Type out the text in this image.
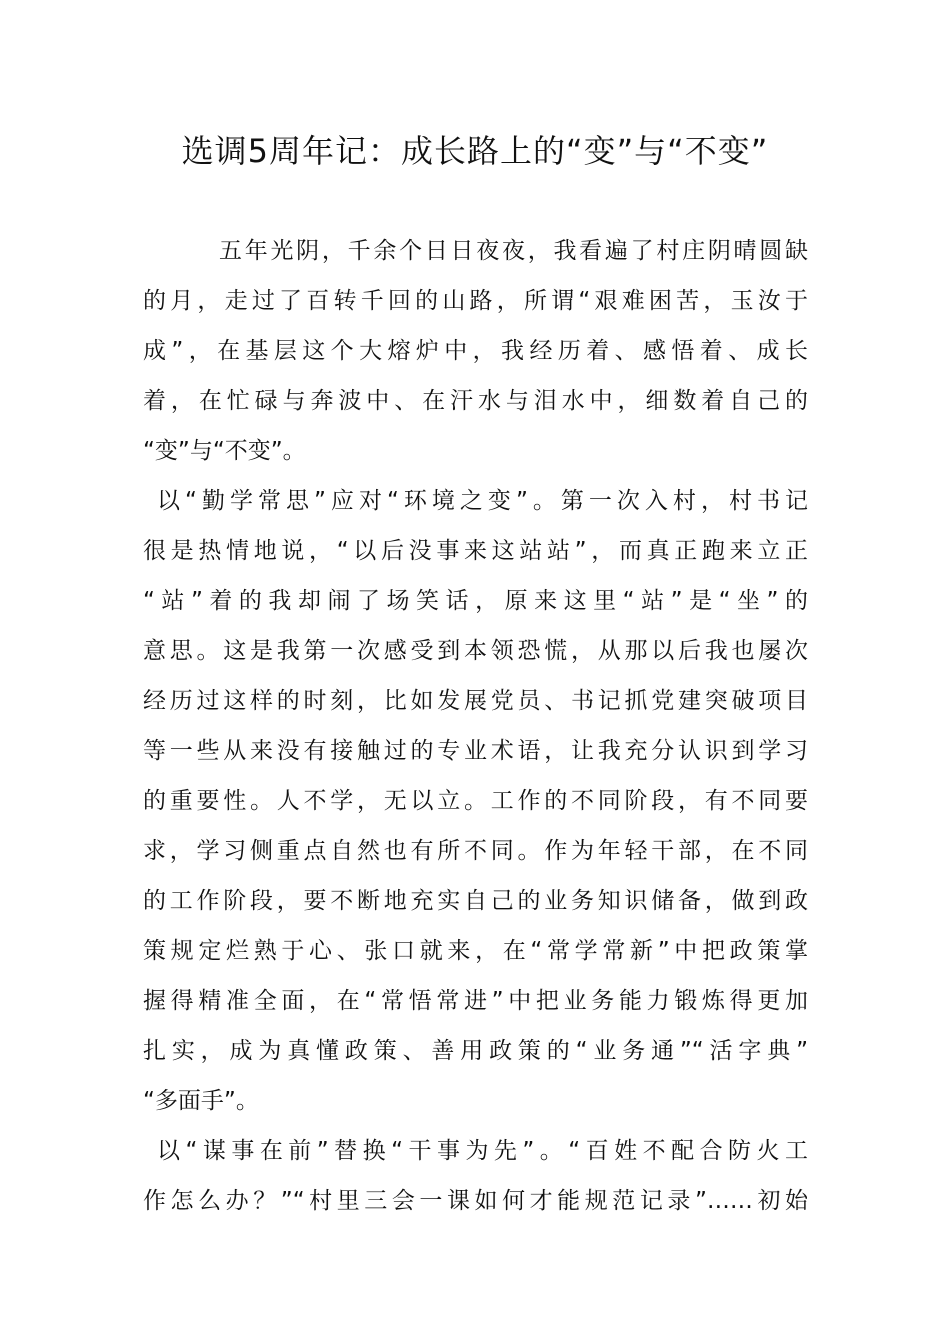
选调5周年记：成长路上的“变”与“不变”
五年光阴，千余个日日夜夜，我看遍了村庄阴晴圆缺
的月，走过了百转千回的山路，所谓“艰难困苦，玉汝于
成”，在基层这个大熔炉中，我经历着、感悟着、成长
着，在忙碌与奔波中、在汗水与泪水中，细数着自己的
“变”与“不变”。
以“勤学常思”应对“环境之变”。第一次入村，村书记
很是热情地说，“以后没事来这站站”，而真正跑来立正
“站”着的我却闹了场笑话，原来这里“站”是“坐”的
意思。这是我第一次感受到本领恐慌，从那以后我也屡次
经历过这样的时刻，比如发展党员、书记抓党建突破项目
等一些从来没有接触过的专业术语，让我充分认识到学习
的重要性。人不学，无以立。工作的不同阶段，有不同要
求，学习侧重点自然也有所不同。作为年轻干部，在不同
的工作阶段，要不断地充实自己的业务知识储备，做到政
策规定烂熟于心、张口就来，在“常学常新”中把政策掌
握得精准全面，在“常悟常进”中把业务能力锻炼得更加
扎实，成为真懂政策、善用政策的“业务通”“活字典”
“多面手”。
以“谋事在前”替换“干事为先”。“百姓不配合防火工
作怎么办？”“村里三会一课如何才能规范记录”……初始
